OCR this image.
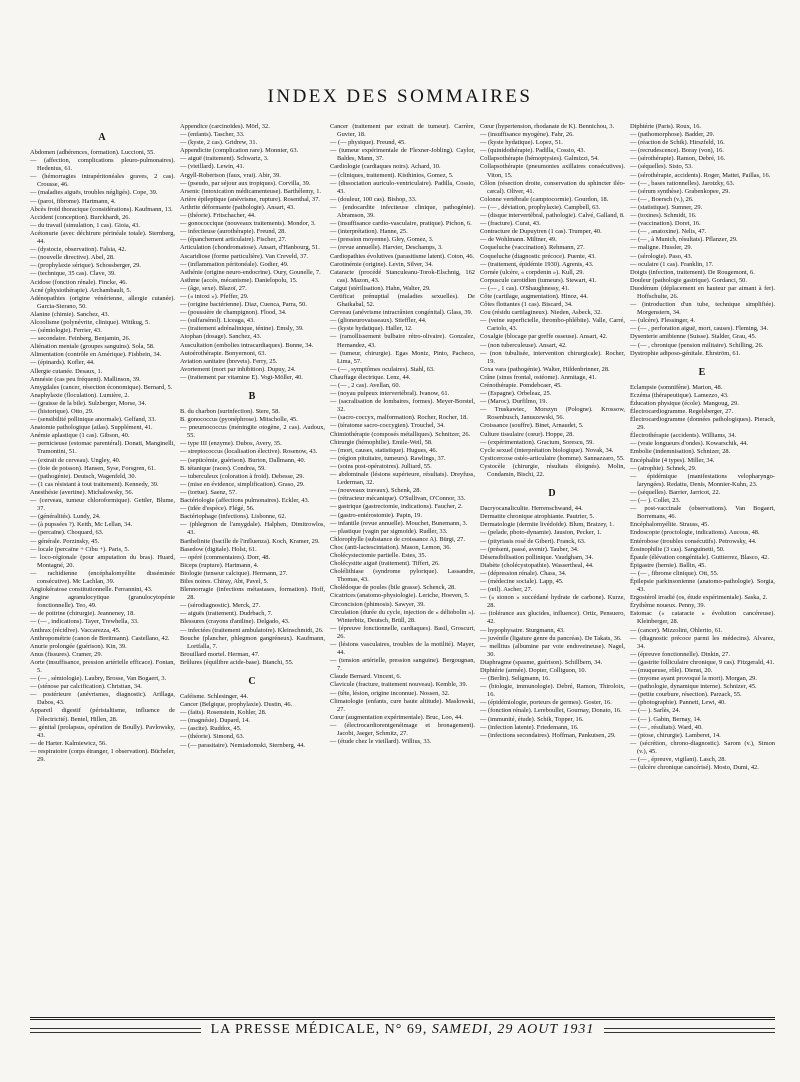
INDEX DES SOMMAIRES
A

Abdomen (adhérences, formation). Luccioni, 55.

— (affection, complications pleuro-pulmonaires). Hedenius, 61.

— (hémorragies intrapéritonéales graves, 2 cas). Crousse, 46.

— (maladies aiguës, troubles négligés). Cope, 39.

— (paroi, fibrome). Hartmann, 4.

Abcès froid thoracique (considérations). Kaufmann, 13.

Accident (conception). Burckhardt, 26.

— du travail (simulation, 1 cas). Gioia, 43.

Acétonurie (avec déchirure périnéale totale). Sternberg, 44.

— (dystocie, observation). Falsia, 42.

— (nouvelle directive). Abel, 28.

— (prophylaxie sérique). Schossberger, 29.

— (technique, 35 cas). Clave, 39.

Acidose (fonction rénale). Fincke, 46.

Acné (physiothérapie). Archambault, 5.

Adénopathies (origine vénérienne, allergie cutanée). Garcia-Sierano, 50.

Alanine (chimie). Sanchez, 43.

Alcoolisme (polynévrite, clinique). Wittkug, 5.

— (sémiologie). Ferrier, 43.

— secondaire. Feinberg, Benjamin, 26.

Aliénation mentale (groupes sanguins). Sola, 58.

Alimentation (contrôle en Amérique). Fishbein, 34.

— (épinards). Kofler, 44.

Allergie cutanée. Desaux, 1.

Amnésie (cas peu fréquent). Mallinson, 39.

Amygdales (cancer, résection économique). Bernard, 5.

Anaphylaxie (floculation). Lumière, 2.

— (graisse de la bile). Sulzberger, Morse, 34.

— (historique). Otto, 29.

— (sensibilité pollinique anormale). Gelfand, 33.

Anatomie pathologique (atlas). Supplément, 41.

Anémie aplastique (1 cas). Gibson, 40.

— pernicieuse (estomac parentéral). Donati, Manginelli, Tramontini, 51.

— (extrait de cerveau). Ungley, 40.

— (foie de poisson). Hansen, Syse, Forsgren, 61.

— (pathogénie). Deutsch, Wagenfeld, 30.

— (1 cas résistant à tout traitement). Kennedy, 39.

Anesthésie (avertine). Michalowsky, 56.

— (cerveau, tumeur chloroformique). Gettler, Blume, 37.

— (généralités). Lundy, 24.

— (à pupssées ?). Keith, Mc Lellan, 34.

— (percaïne). Choquard, 63.

— générale. Porzinsky, 45.

— locale (percaïne + Cibu +). Paris, 5.

— loco-régionale (pour amputation du bras). Huard, Montagné, 20.

— rachidienne (encéphalomyélite disséminée consécutive). Mc Lachlan, 39.

Angiokératose constitutionnelle. Ferrannini, 43.

Angine agranulocytique (granulocytopénie fonctionnelle). Teo, 49.

— de poitrine (chirurgie). Jeanneney, 18.

— (— , indications). Tayer, Trewhella, 33.

Anthrax (récidive). Vaccarezza, 45.

Anthropométrie (canon de Breitmann). Castellano, 42.

Anurie prolongée (guérison). Kin, 39.

Anus (fissures). Cramer, 29.

Aorte (insuffisance, pression artérielle efficace). Fontan, 5.

— (— , sémiologie). Laubry, Brosse, Van Bogaert, 3.

— (sténose par calcification). Christian, 34.

— postérieure (anévrismes, diagnostic). Arillaga, Dabos, 43.

Appareil digestif (péristaltisme, influence de l'électricité). Bentel, Hillen, 28.

— génital (prolapsus, opération de Boully). Pavlowsky, 43.

— de Harter. Kalmiewicz, 56.

— respiratoire (corps étranger, 1 observation). Bücheler, 29.

Appendice (carcinoïdes). Mörl, 32.

— (enfants). Tascher, 33.

— (kyste, 2 cas). Gridrew, 31.

Appendicite (complication rare). Monnier, 63.

— aiguë (traitement). Schwartz, 3.

— (vieillard). Lewin, 41.

Argyll-Robertson (faux, vrai). Abir, 39.

— (pseudo, par séjour aux tropiques). Corvilla, 39.

Arsenic (intoxication médicamenteuse). Barthélemy, 1.

Artère épileptique (anévrisme, rupture). Rosenthal, 37.

Arthrite déformante (pathologie). Ansart, 43.

— (théorie). Fritschacher, 44.

— gonococcique (nouveaux traitements). Mondor, 3.

— infectieuse (aurothérapie). Freund, 28.

— (épanchement articulaire). Fischer, 27.

Articulation (chondromatose). Ansart, d'Hanbourg, 51.

Ascaridiose (forme particulière). Van Creveld, 37.

— (inflammation péritonéale). Godier, 49.

Asthénie (origine neuro-endocrine). Oury, Gounelle, 7.

Asthme (accès, mécanisme). Danielopolu, 15.

— (âge, sexe). Blazoï, 27.

— (« intoxi »). Pfeffer, 29.

— (origine bactérienne). Diaz, Cuenca, Parra, 50.

— (poussière de champignon). Flood, 34.

— (sulfarsénol). Liceaga, 43.

— (traitement adrénalinique, ténine). Emsly, 39.

Atophan (dosage). Sanchez, 43.

Auscultation (embolies intracardiaques). Bunne, 34.

Autoérothérapie. Bonyernoni, 63.

Aviation sanitaire (brevets). Ferry, 25.

Avortement (mort par inhibition). Dupuy, 24.

— (traitement par vitamine E). Vogt-Möller, 40.

B

B. du charbon (surinfection). Stere, 58.

B. gonococcus (pyonéphrose). Mitscholle, 45.

— pneumococcus (méningite otogène, 2 cas). Audoux, 55.

— type III (enzyme). Dubos, Avery, 35.

— streptococcus (localisation élective). Rosenow, 43.

— (septicémie, guérison). Burton, Dallmann, 40.

B. tétanique (races). Condrea, 59.

— tuberculeux (coloration à froid). Debesse, 29.

— (mise en évidence, simplification). Graso, 29.

— (tortue). Saenz, 57.

Bactériologie (affections pulmonaires). Eckler, 43.

— (idée d'espèce). Flégé, 56.

Bactériophage (infections). Lisbonne, 62.

— (phlegmon de l'amygdale). Halphen, Dimitrowlos, 43.

Barthelinite (bacille de l'influenza). Koch, Kramer, 29.

Basedow (digitale). Holst, 61.

— opéré (commentaires). Dorr, 48.

Biceps (rupture). Hartmann, 4.

Biologie (tenseur calcique). Hermann, 27.

Biles noires. Chiray, Abt, Pavel, 5.

Blennorragie (infections métastases, formation). Hoff, 28.

— (sérodiagnostic). Merck, 27.

— aiguës (traitement). Dudrbach, 7.

Blessures (crayons d'aniline). Delgado, 43.

— infectées (traitement ambulatoire). Kleinschmidt, 26.

Bouche (plancher, phlegmon gangréneux). Kaufmann, Lortfalla, 7.

Brouillard mortel. Herman, 47.

Brûlures (équilibre acide-base). Bianchi, 55.

C

Caféisme. Schlesinger, 44.

Cancer (Belgique, prophylaxie). Dustin, 46.

— (faits). Rosenstein, Kohler, 28.

— (magnésie). Dupard, 14.

— (ascite). Ruddox, 45.

— (théorie). Simond, 63.

— (— parasitaire). Nemiadomski, Sternberg, 44.

Cancer (traitement par extrait de tumeur). Carrère, Guvier, 18.

— (— physique). Freund, 45.

— (tumeur expérimentale de Flexner-Jobling). Caylor, Baldes, Mann, 37.

Cardiologie (cardiaques noirs). Achard, 10.

— (cliniques, traitement). Kisthinios, Gomez, 5.

— (dissociation auriculo-ventriculaire). Padilla, Cossio, 43.

— (douleur, 100 cas). Bishop, 33.

— (endocardite infectieuse clinique, pathogénie). Abramson, 39.

— (insuffisance cardio-vasculaire, pratique). Pichon, 6.

— (interprétation). Hanne, 25.

— (pression moyenne). Gley, Gomez, 3.

— (revue annuelle). Harvier, Deschamps, 3.

Cardiopathies évolutives (parasitisme latent). Coton, 46.

Carotinémie (origine). Levin, Silver, 34.

Cataracte (procédé Stanculeanu-Torok-Elschnig, 162 cas). Mazon, 43.

Catgut (stérilisation). Hahn, Walter, 29.

Certificat prénuptial (maladies sexuelles). De Ghaikabal, 52.

Cerveau (anévrisme intracrânien congénital). Glass, 39.

— (glioneurovaisseaux). Stieffler, 44.

— (kyste hydatique). Haller, 12.

— (ramollissement bulbaire rétro-olivaire). Gonzalez, Hernandez, 43.

— (tumeur, chirurgie). Egas Moniz, Pinto, Pacheco, Lima, 57.

— (— , symptômes oculaires). Stahl, 63.

Chauffage électrique. Lenz, 44.

— (— , 2 cas). Avellan, 60.

— (noyau pulpeux intervertébral). Ivanow, 61.

— (sacralisation de lombaires, formes). Meyer-Borstel, 32.

— (sacro-coccyx, malformation). Rocher, Rocher, 18.

— (tératome sacro-coccygien). Trouchel, 34.

Chimiothérapie (composés métalliques). Schnitzer, 26.

Chirurgie (hémophilie). Emile-Weil, 58.

— (mort, causes, statistique). Hugues, 46.

— (région pituitaire, tumeurs). Rawlings, 37.

— (soins post-opératoires). Julliard, 55.

— abdominale (lésions supérieure, résultats). Dreyfuss, Lederman, 32.

— (nouveaux travaux). Schenk, 28.

— (rétracteur mécanique). O'Sullivan, O'Connor, 33.

— gastrique (gastrectomie, indications). Faucher, 2.

— (gastro-entérostomie). Papin, 19.

— infantile (revue annuelle). Mouchet, Bunemann, 3.

— plastique (vagin par sigmoïde). Rudler, 33.

Chlorophylle (substance de croissance A). Bürgi, 27.

Choc (anti-lactescintation). Mason, Lemon, 36.

Cholécystectomie partielle. Estes, 35.

Cholécystite aiguë (traitement). Tiffert, 26.

Cholélithiase (syndrome pylorique). Lassandre, Thomas, 43.

Cholédoque de poules (bile grasse). Schenck, 28.

Cicatrices (anatomo-physiologie). Leriche, Hoeven, 5.

Circoncision (phimosis). Sawyer, 39.

Circulation (durée du cycle, injection de « déliobolin »). Winterbitz, Deutsch, Brüll, 28.

— (épreuve fonctionnelle, cardiaques). Basil, Groscurt, 26.

— (lésions vasculaires, troubles de la motilité). Mayer, 44.

— (tension artérielle, pression sanguine). Bergougnan, 7.

Claude Bernard. Vincent, 6.

Clavicule (fracture, traitement nouveau). Kemble, 39.

— (tête, lésion, origine inconnue). Nossen, 32.

Climatologie (enfants, cure haute altitude). Maslowski, 27.

Cœur (augmentation expérimentale). Bruc, Loo, 44.

— (électrocardiorentgenéimage et bronagement). Jacobi, Jaeger, Schmitz, 27.

— (étude chez le vieillard). Willius, 33.

Cœur (hypertension, rhodanate de K). Bennichou, 3.

— (insuffisance myogène). Fahr, 26.

— (kyste hydatique). Lopez, 51.

— (quinidothérapie). Padilla, Cossio, 43.

Collapsothérapie (hémoptysies). Galmizzi, 54.

Collapsothérapie (pneumonies axillaires consécutives). Viton, 15.

Côlon (résection droite, conservation du sphincter iléo-cæcal). Oliver, 41.

Colonne vertébrale (camptocormie). Gourdon, 18.

— (— , déviation, prophylaxie). Campbell, 63.

— (disque intervertébral, pathologie). Calvé, Galland, 8.

— (fracture). Curat, 43.

Contracture de Dupuytren (1 cas). Trumper, 40.

— de Wohlmann. Miltner, 49.

Coqueluche (vaccination). Rehmann, 27.

Coqueluche (diagnostic précoce). Puente, 43.

— (traitement, épidémie 1930). Agrenis, 43.

Cornée (ulcère, « corpdenin »). Kull, 29.

Corpuscule carotidien (tumeurs). Stewart, 41.

— (— , 1 cas). O'Shaughnessy, 41.

Côte (cartilage, augmentation). Hinoz, 44.

Côtes flottantes (1 cas). Biscard, 34.

Cou (résidu cartilagineux). Nieden, Asbeck, 32.

— (veine superficielle, thrombo-phlébite). Valle, Carré, Cariolo, 43.

Coxalgie (blocage par greffe osseuse). Ansart, 42.

— (non tuberculeuse). Ansart, 42.

— (non tubulisée, intervention chirurgicale). Rocher, 19.

Coxa vara (pathogénie). Walter, Hildenbrinner, 28.

Crâne (sinus frontal, ostéome). Anmitage, 41.

Crénothérapie. Pomdebcaer, 45.

— (Espagne). Orbeleaz, 25.

— (Maroc). Durfilmo, 19.

— Truskawiec, Morszyn (Pologne). Krossow, Rosenbusch, Januszewski, 56.

Croissance (souffre). Binet, Arnaudet, 5.

Culture tissulaire (cœur). Hoppe, 28.

— (expérimentation). Gracium, Sorescu, 59.

Cycle sexuel (interprétation biologique). Novak, 34.

Cysticercose ostéo-articulaire (homme). Sannazzaro, 55.

Cystocèle (chirurgie, résultats éloignés). Molin, Condamin, Bischi, 22.

D

Dacryocanaliculite. Herrenschwand, 44.

Dermatite chronique atrophiante. Pautrier, 5.

Dermatologie (dermite livédoïde). Blum, Braizey, 1.

— (pelade, photo-dynamie). Jausion, Pecker, 1.

— (pityriasis rosé de Gibert). Franck, 63.

— (présent, passé, avenir). Tauber, 34.

Désensibilisation pollinique. Vaudgham, 34.

Diabète (cholécystopathie). Wassertheal, 44.

— (dépression rénale). Chass, 34.

— (médecine sociale). Lapp, 45.

— (œil). Ascher, 27.

— (« sionon » succédané hydrate de carbone). Kurze, 28.

— (tolérance aux glucides, influence). Ortiz, Pensuero, 42.

— hypophysaire. Sturgmann, 43.

— juvénile (ligature genre du pancréas). De Takats, 36.

— mellitus (albumine par voie endoveineuse). Nagel, 30.

Diaphragme (spasme, guérison). Schillbern, 34.

Diphtérie (armée). Dopter, Colliguon, 10.

— (Berlin). Seligmann, 16.

— (biologie, immunologie). Debré, Ramon, Thiroloix, 16.

— (épidémiologie, porteurs de germes). Goster, 16.

— (fonction rénale). Lereboullet, Gournay, Donato, 16.

— (immunité, étude). Schik, Topper, 16.

— (infection latente). Friedemann, 16.

— (infections secondaires). Hoffman, Pankutsen, 29.

Diphtérie (Paris). Roux, 16.

— (pathomorphose). Badder, 29.

— (réaction de Schik). Hirszfeld, 16.

— (recrudescence). Boray (von), 16.

— (sérothérapie). Ramon, Debré, 16.

— (séquelles). Sisto, 53.

— (sérothérapie, accidents). Roger, Mattei, Paillas, 16.

— (— , bases rationnelles). Jarotzky, 63.

— (sérum synthèse). Grabenkopee, 29.

— (— , Boersch (v.), 26.

— (statistique). Sumner, 29.

— (toxines). Schmidt, 16.

— (vaccination). Doret, 16.

— (— , anatoxine). Nelis, 47.

— (— , à Munich, résultats). Pflanzer, 29.

— maligne. Hussler, 29.

— (sérologie). Paso, 43.

— oculaire (1 cas). Franklin, 17.

Doigts (infection, traitement). De Rougemont, 6.

Douleur (pathologie gastrique). Gordanci, 50.

Duodénum (déplacement en hauteur par aimant à fer). Hoffschulte, 26.

— (introduction d'un tube, technique simplifiée). Morgenstern, 34.

— (ulcère). Flessinger, 4.

— (— , perforation aiguë, mort, causes). Fleming, 34.

Dysenterie amibienne (Suisse). Stalder, Grau, 45.

— (— , chronique (pension militaire). Schilling, 26.

Dystrophie adiposo-génitale. Ehrström, 61.

E

Eclampsie (somnifène). Marion, 48.

Eczéma (thérapeutique). Lamezzo, 43.

Éducation physique (école). Mangoug, 29.

Électrocardiogramme. Regelsberger, 27.

Électrocardiogramme (données pathologiques). Pierach, 29.

Électrothérapie (accidents). Williams, 34.

— (vraie longueurs d'ondes). Kowarschik, 44.

Embolie (indemnisation). Schnizer, 28.

Encéphalite (4 types). Miller, 34.

— (atrophie). Schnek, 29.

— épidémique (manifestations velopharyngo-laryngées). Redattu, Denis, Monnier-Kuhn, 23.

— (séquelles). Barrier, Jarricot, 22.

— (— ). Collet, 23.

— post-vaccinale (observations). Van Bogaert, Borremans, 46.

Encéphalomyélite. Strauss, 45.

Endoscopie (proctologie, indications). Aucous, 48.

Entérobose (troubles consécutifs). Petrowsky, 44.

Éosinophilie (3 cas). Sanguinetti, 50.

Épaule (élévation congénitale). Guttierrez, Blasco, 42.

Épigastre (hernie). Ballin, 45.

— (— , fibrome clinique). Ott, 55.

Épilepsie parkinsonienne (anatomo-pathologie). Sorgia, 43.

Ergostérol irradié (os, étude expérimentale). Saska, 2.

Érythème noueux. Penny, 39.

Estomac (« cataracte » évolution cancéreuse). Kleinberger, 28.

— (cancer). Mizzolini, Ohlerito, 61.

— (diagnostic précoce parmi les médecins). Alvarez, 34.

— (épreuve fonctionnelle). Dinkin, 27.

— (gastrite folliculaire chronique, 9 cas). Fitzgerald, 41.

— (muqueuse, rôle). Dienst, 20.

— (myome ayant provoqué la mort). Morgan, 29.

— (pathologie, dynamique interne). Schnizer, 45.

— (petite courbure, résection). Parzack, 55.

— (photographie). Pannett, Lewi, 40.

— (— ). Sarlès, 24.

— (— ). Gabin, Bernay, 14.

— (— , résultats). Ward, 40.

— (ptose, chirurgie). Lamberet, 14.

— (sécrétion, chrono-diagnostic). Sarom (v.), Simon (v.), 45.

— (— , épreuve, vigilant). Lasch, 28.

— (ulcère chronique cancérisé). Mosto, Dumi, 42.

LA PRESSE MÉDICALE, N° 69, SAMEDI, 29 AOUT 1931
